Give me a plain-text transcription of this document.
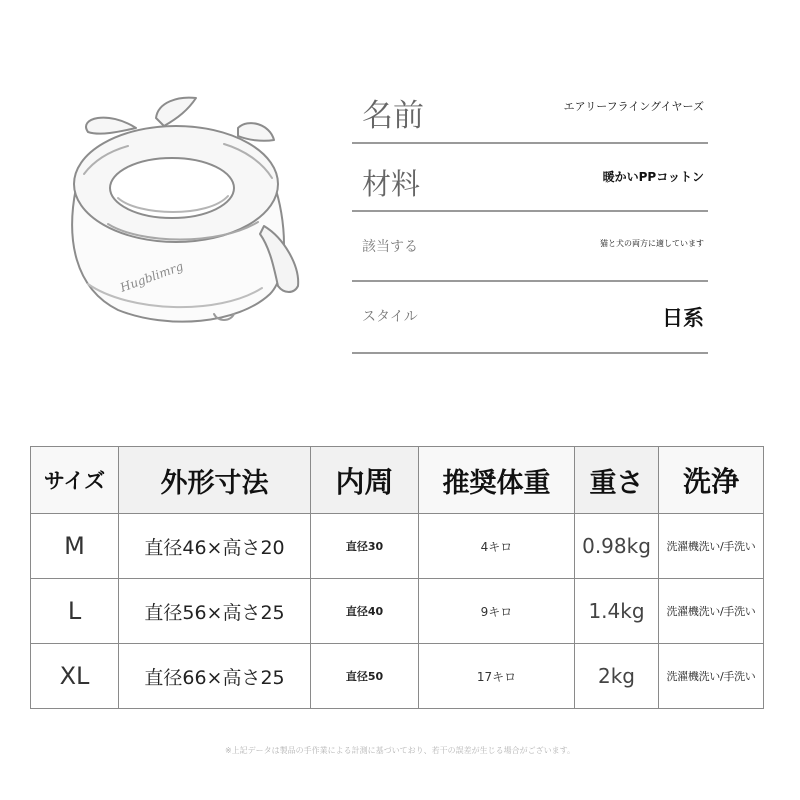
Hugblimrg
名前	エアリーフライングイヤーズ
材料	暖かいPPコットン
該当する	猫と犬の両方に適しています
スタイル	日系
サイズ	外形寸法	内周	推奨体重	重さ	洗浄
M	直径46×高さ20	直径30	4キロ	0.98kg	洗濯機洗い/手洗い
L	直径56×高さ25	直径40	9キロ	1.4kg	洗濯機洗い/手洗い
XL	直径66×高さ25	直径50	17キロ	2kg	洗濯機洗い/手洗い
※上記データは製品の手作業による計測に基づいており、若干の誤差が生じる場合がございます。
